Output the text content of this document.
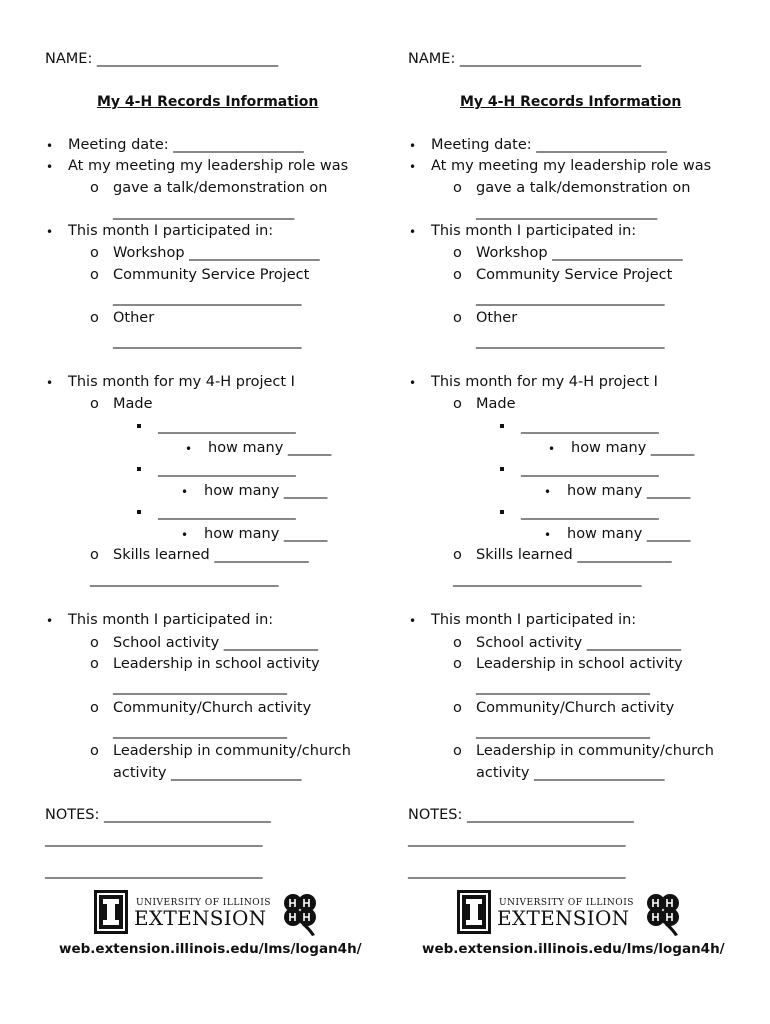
NAME: _________________________
My 4-H Records Information
• Meeting date: __________________
• At my meeting my leadership role was
o gave a talk/demonstration on
_________________________
• This month I participated in:
o Workshop __________________
o Community Service Project
__________________________
o Other
__________________________
• This month for my 4-H project I
o Made
___________________
• how many ______
___________________
• how many ______
___________________
• how many ______
o Skills learned _____________
__________________________
• This month I participated in:
o School activity _____________
o Leadership in school activity
________________________
o Community/Church activity
________________________
o Leadership in community/church
activity __________________
NOTES: _______________________
______________________________
______________________________
UNIVERSITY OF ILLINOIS
EXTENSION
web.extension.illinois.edu/lms/logan4h/
NAME: _________________________
My 4-H Records Information
• Meeting date: __________________
• At my meeting my leadership role was
o gave a talk/demonstration on
_________________________
• This month I participated in:
o Workshop __________________
o Community Service Project
__________________________
o Other
__________________________
• This month for my 4-H project I
o Made
___________________
• how many ______
___________________
• how many ______
___________________
• how many ______
o Skills learned _____________
__________________________
• This month I participated in:
o School activity _____________
o Leadership in school activity
________________________
o Community/Church activity
________________________
o Leadership in community/church
activity __________________
NOTES: _______________________
______________________________
______________________________
UNIVERSITY OF ILLINOIS
EXTENSION
web.extension.illinois.edu/lms/logan4h/
